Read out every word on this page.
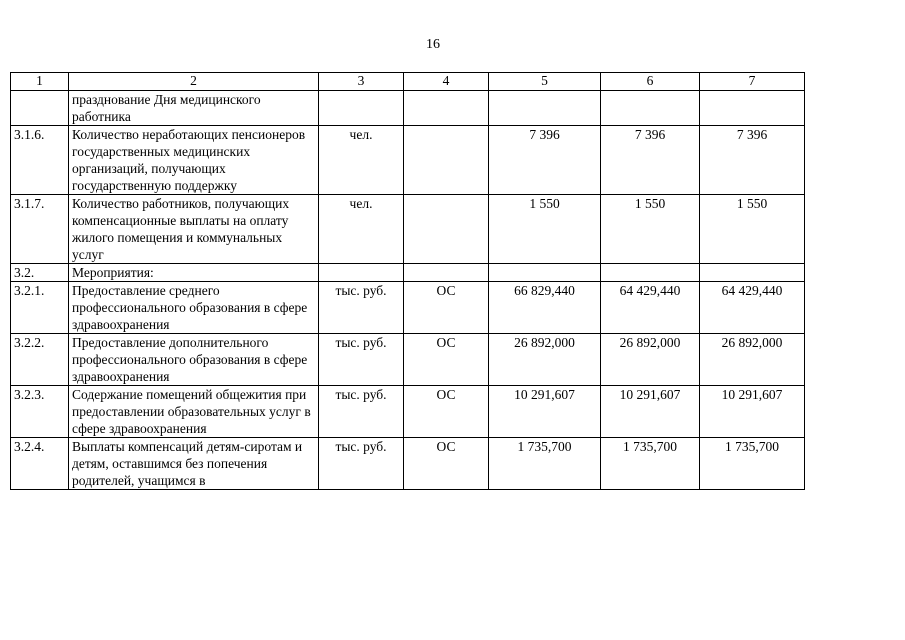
16
1	2	3	4	5	6	7
	празднование Дня медицинского работника					
3.1.6.	Количество неработающих пенсионеров государственных медицинских организаций, получающих государственную поддержку	чел.		7 396	7 396	7 396
3.1.7.	Количество работников, получающих компенсационные выплаты на оплату жилого помещения и коммунальных услуг	чел.		1 550	1 550	1 550
3.2.	Мероприятия:					
3.2.1.	Предоставление среднего профессионального образования в сфере здравоохранения	тыс. руб.	ОС	66 829,440	64 429,440	64 429,440
3.2.2.	Предоставление дополнительного профессионального образования в сфере здравоохранения	тыс. руб.	ОС	26 892,000	26 892,000	26 892,000
3.2.3.	Содержание помещений общежития при предоставлении образовательных услуг в сфере здравоохранения	тыс. руб.	ОС	10 291,607	10 291,607	10 291,607
3.2.4.	Выплаты компенсаций детям-сиротам и детям, оставшимся без попечения родителей, учащимся в	тыс. руб.	ОС	1 735,700	1 735,700	1 735,700
